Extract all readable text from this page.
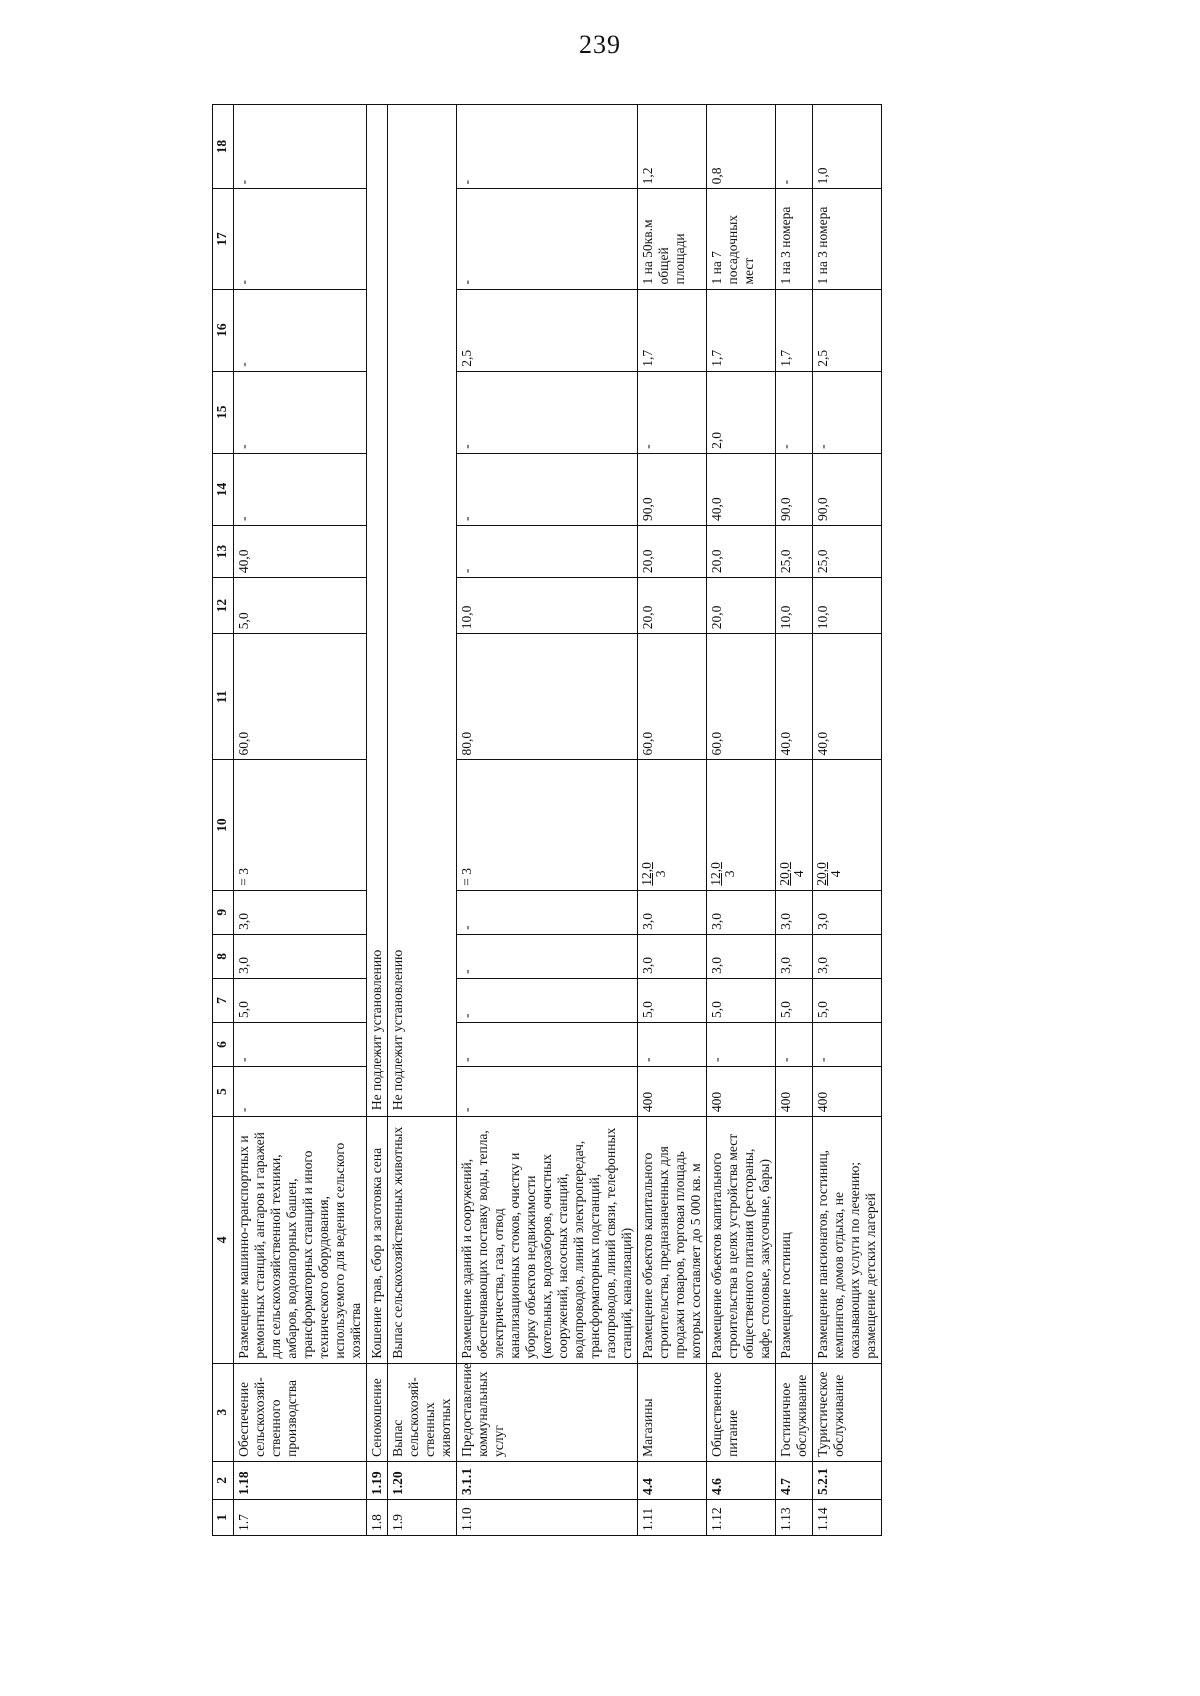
239
1	2	3	4	5	6	7	8	9	10	11	12	13	14	15	16	17	18
1.7	1.18	Обеспечение сельскохозяй-ственного производства	Размещение машинно-транспортных и ремонтных станций, ангаров и гаражей для сельскохозяйственной техники, амбаров, водонапорных башен, трансформаторных станций и иного технического оборудования, используемого для ведения сельского хозяйства	-	-	5,0	3,0	3,0	= 3	60,0	5,0	40,0	-	-	-	-	-
1.8	1.19	Сенокошение	Кошение трав, сбор и заготовка сена	Не подлежит установлению													
1.9	1.20	Выпас сельскохозяй-ственных животных	Выпас сельскохозяйственных животных	Не подлежит установлению													
1.10	3.1.1	Предоставление коммунальных услуг	Размещение зданий и сооружений, обеспечивающих поставку воды, тепла, электричества, газа, отвод канализационных стоков, очистку и уборку объектов недвижимости (котельных, водозаборов, очистных сооружений, насосных станций, водопроводов, линий электропередач, трансформаторных подстанций, газопроводов, линий связи, телефонных станций, канализаций)	-	-	-	-	-	= 3	80,0	10,0	-	-	-	2,5	-	-
1.11	4.4	Магазины	Размещение объектов капитального строительства, предназначенных для продажи товаров, торговая площадь которых составляет до 5 000 кв. м	400	-	5,0	3,0	3,0	12,0 3	60,0	20,0	20,0	90,0	-	1,7	1 на 50кв.м общей площади	1,2
1.12	4.6	Общественное питание	Размещение объектов капитального строительства в целях устройства мест общественного питания (рестораны, кафе, столовые, закусочные, бары)	400	-	5,0	3,0	3,0	12,0 3	60,0	20,0	20,0	40,0	2,0	1,7	1 на 7 посадочных мест	0,8
1.13	4.7	Гостиничное обслуживание	Размещение гостиниц	400	-	5,0	3,0	3,0	20,0 4	40,0	10,0	25,0	90,0	-	1,7	1 на 3 номера	-
1.14	5.2.1	Туристическое обслуживание	Размещение пансионатов, гостиниц, кемпингов, домов отдыха, не оказывающих услуги по лечению; размещение детских лагерей	400	-	5,0	3,0	3,0	20,0 4	40,0	10,0	25,0	90,0	-	2,5	1 на 3 номера	1,0
